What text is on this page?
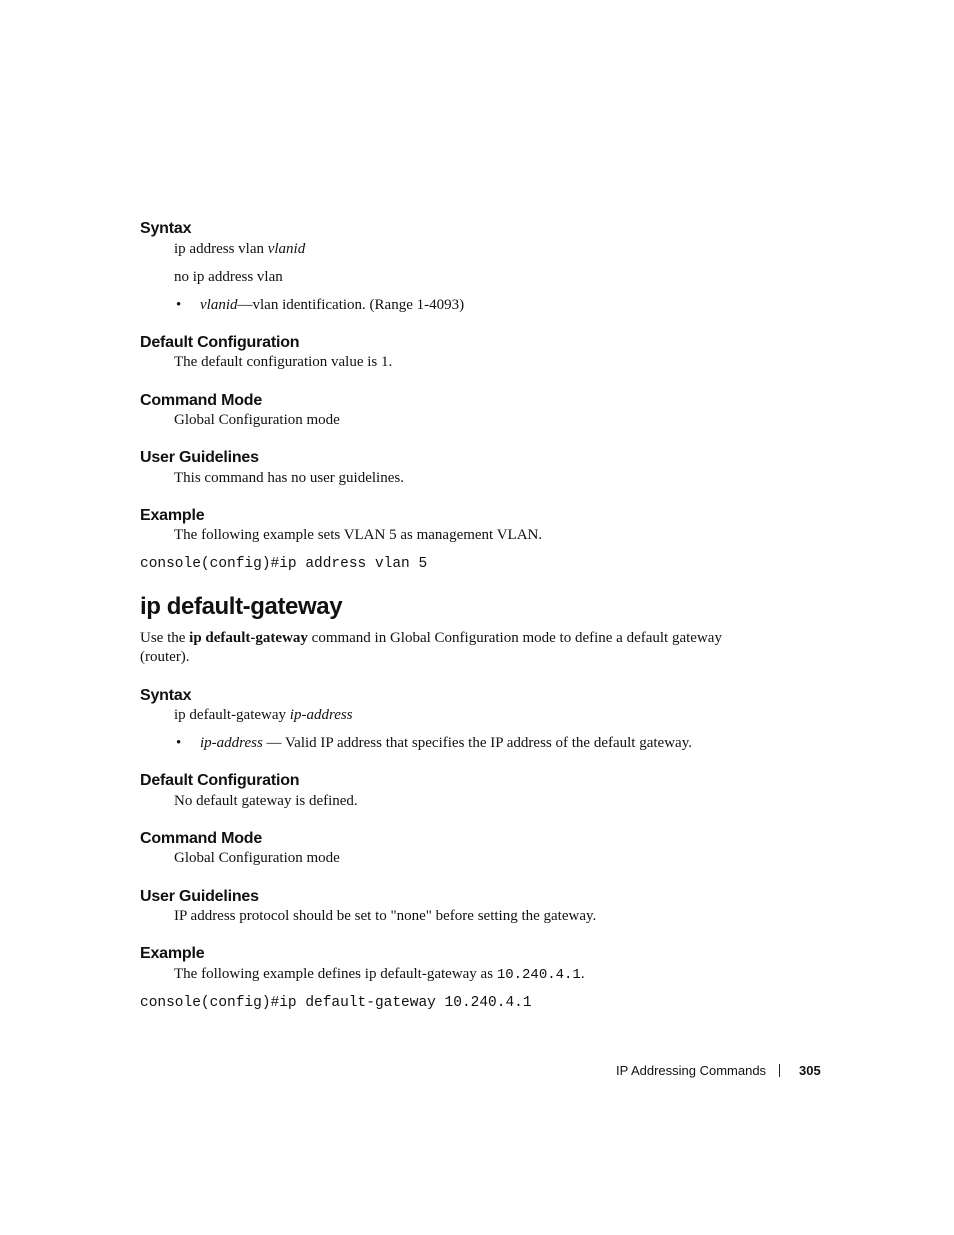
Syntax
ip address vlan vlanid
no ip address vlan
• vlanid—vlan identification. (Range 1-4093)
Default Configuration
The default configuration value is 1.
Command Mode
Global Configuration mode
User Guidelines
This command has no user guidelines.
Example
The following example sets VLAN 5 as management VLAN.
console(config)#ip address vlan 5
ip default-gateway
Use the ip default-gateway command in Global Configuration mode to define a default gateway
(router).
Syntax
ip default-gateway ip-address
• ip-address — Valid IP address that specifies the IP address of the default gateway.
Default Configuration
No default gateway is defined.
Command Mode
Global Configuration mode
User Guidelines
IP address protocol should be set to "none" before setting the gateway.
Example
The following example defines ip default-gateway as 10.240.4.1.
console(config)#ip default-gateway 10.240.4.1
IP Addressing Commands	305
